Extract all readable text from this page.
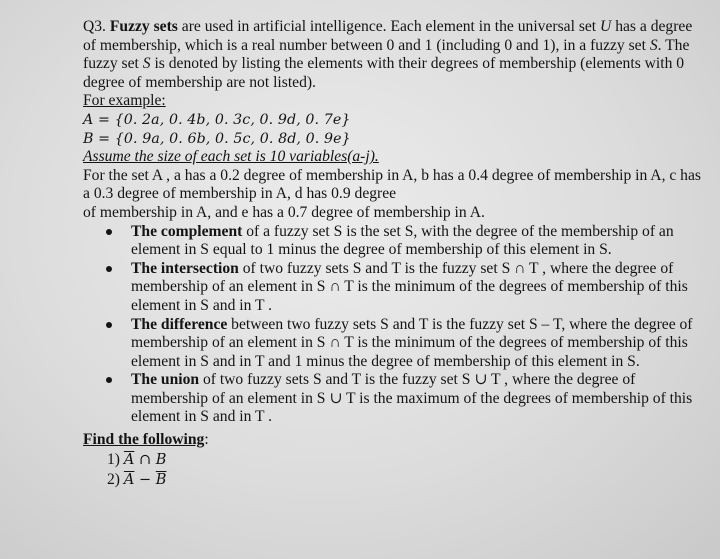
Q3. Fuzzy sets are used in artificial intelligence. Each element in the universal set U has a degree of membership, which is a real number between 0 and 1 (including 0 and 1), in a fuzzy set S. The fuzzy set S is denoted by listing the elements with their degrees of membership (elements with 0 degree of membership are not listed).

For example:

A = {0. 2a, 0. 4b, 0. 3c, 0. 9d, 0. 7e}

B = {0. 9a, 0. 6b, 0. 5c, 0. 8d, 0. 9e}

Assume the size of each set is 10 variables(a-j).

For the set A , a has a 0.2 degree of membership in A, b has a 0.4 degree of membership in A, c has a 0.3 degree of membership in A, d has 0.9 degree

of membership in A, and e has a 0.7 degree of membership in A.

The complement of a fuzzy set S is the set S, with the degree of the membership of an element in S equal to 1 minus the degree of membership of this element in S.
The intersection of two fuzzy sets S and T is the fuzzy set S ∩ T , where the degree of membership of an element in S ∩ T is the minimum of the degrees of membership of this element in S and in T .
The difference between two fuzzy sets S and T is the fuzzy set S – T, where the degree of membership of an element in S ∩ T is the minimum of the degrees of membership of this element in S and in T and 1 minus the degree of membership of this element in S.
The union of two fuzzy sets S and T is the fuzzy set S ∪ T , where the degree of membership of an element in S ∪ T is the maximum of the degrees of membership of this element in S and in T .

Find the following:

1) $\overline{A}$ ∩ B
2) $\overline{A} - \overline{B}$
